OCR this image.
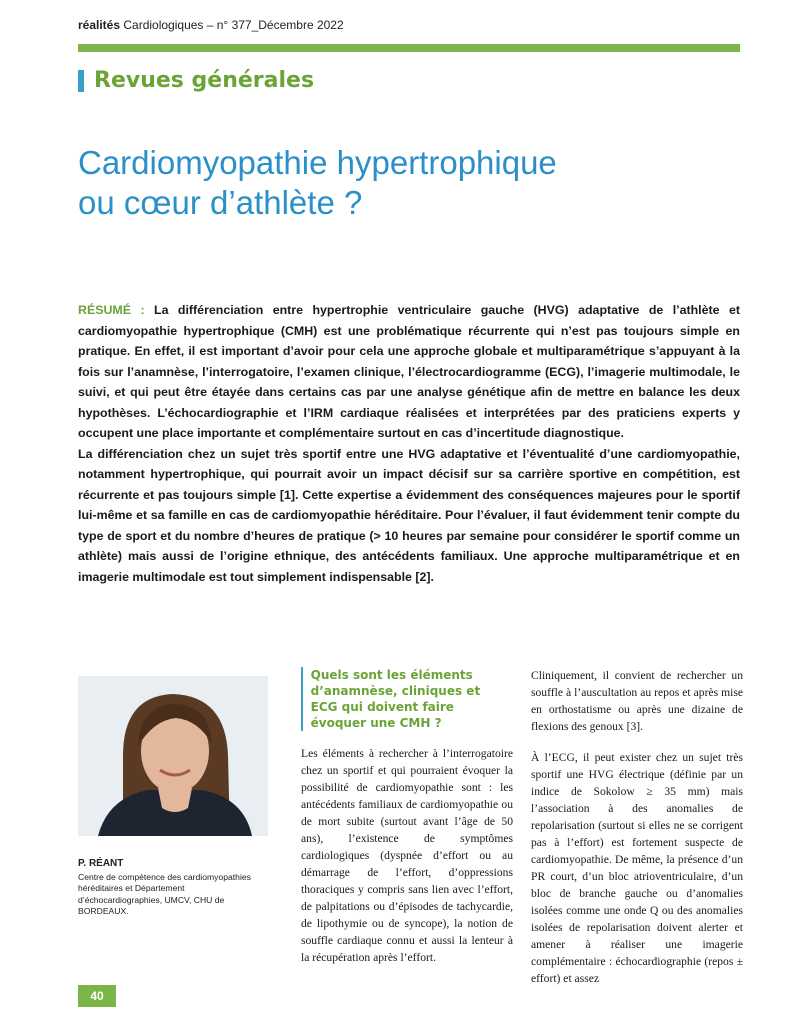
réalités Cardiologiques – n° 377_Décembre 2022
Revues générales
Cardiomyopathie hypertrophique
ou cœur d’athlète ?

RÉSUMÉ : La différenciation entre hypertrophie ventriculaire gauche (HVG) adaptative de l’athlète et cardiomyopathie hypertrophique (CMH) est une problématique récurrente qui n’est pas toujours simple en pratique. En effet, il est important d’avoir pour cela une approche globale et multiparamétrique s’appuyant à la fois sur l’anamnèse, l’interrogatoire, l’examen clinique, l’électrocardiogramme (ECG), l’imagerie multimodale, le suivi, et qui peut être étayée dans certains cas par une analyse génétique afin de mettre en balance les deux hypothèses. L’échocardiographie et l’IRM cardiaque réalisées et interprétées par des praticiens experts y occupent une place importante et complémentaire surtout en cas d’incertitude diagnostique.

La différenciation chez un sujet très sportif entre une HVG adaptative et l’éventualité d’une cardiomyopathie, notamment hypertrophique, qui pourrait avoir un impact décisif sur sa carrière sportive en compétition, est récurrente et pas toujours simple [1]. Cette expertise a évidemment des conséquences majeures pour le sportif lui-même et sa famille en cas de cardiomyopathie héréditaire. Pour l’évaluer, il faut évidemment tenir compte du type de sport et du nombre d’heures de pratique (> 10 heures par semaine pour considérer le sportif comme un athlète) mais aussi de l’origine ethnique, des antécédents familiaux. Une approche multiparamétrique et en imagerie multimodale est tout simplement indispensable [2].

P. RÉANT
Centre de compétence des cardiomyopathies héréditaires et Département d’échocardiographies, UMCV, CHU de BORDEAUX.
Quels sont les éléments d’anamnèse, cliniques et ECG qui doivent faire évoquer une CMH ?

Les éléments à rechercher à l’interrogatoire chez un sportif et qui pourraient évoquer la possibilité de cardiomyopathie sont : les antécédents familiaux de cardiomyopathie ou de mort subite (surtout avant l’âge de 50 ans), l’existence de symptômes cardiologiques (dyspnée d’effort ou au démarrage de l’effort, d’oppressions thoraciques y compris sans lien avec l’effort, de palpitations ou d’épisodes de tachycardie, de lipothymie ou de syncope), la notion de souffle cardiaque connu et aussi la lenteur à la récupération après l’effort.

Cliniquement, il convient de rechercher un souffle à l’auscultation au repos et après mise en orthostatisme ou après une dizaine de flexions des genoux [3].

À l’ECG, il peut exister chez un sujet très sportif une HVG électrique (définie par un indice de Sokolow ≥ 35 mm) mais l’association à des anomalies de repolarisation (surtout si elles ne se corrigent pas à l’effort) est fortement suspecte de cardiomyopathie. De même, la présence d’un PR court, d’un bloc atrioventriculaire, d’un bloc de branche gauche ou d’anomalies isolées comme une onde Q ou des anomalies isolées de repolarisation doivent alerter et amener à réaliser une imagerie complémentaire : échocardiographie (repos ± effort) et assez

40
